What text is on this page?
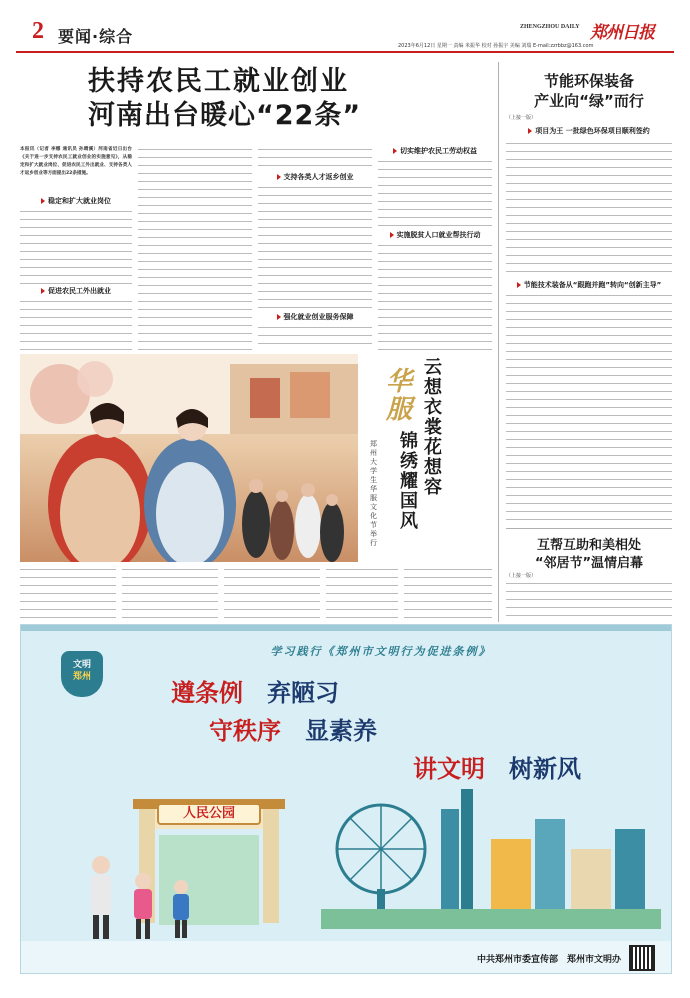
2 要闻·综合	ZHENGZHOU DAILY 郑州日报
2023年6月12日 星期一 责编 米振华 校对 孙振宇 美编 刘瑞 E-mail:zzrbbz@163.com
扶持农民工就业创业
河南出台暖心“22条”
本报讯（记者 李娜 通讯员 孙晴溪）河南省近日出台《关于进一步支持农民工就业创业的实施意见》，从稳定和扩大就业岗位、促进农民工外出就业、支持各类人才返乡创业等方面提出22条措施。
稳定和扩大就业岗位
促进农民工外出就业
支持各类人才返乡创业
强化就业创业服务保障
切实维护农民工劳动权益
实施脱贫人口就业帮扶行动
节能环保装备
产业向“绿”而行
（上接一版）
项目为王 一批绿色环保项目顺利签约
节能技术装备从“跟跑并跑”转向“创新主导”
互帮互助和美相处
“邻居节”温情启幕
（上接一版）
云想衣裳花想容
华服
锦绣耀国风
郑州大学生华服文化节举行
文明
郑州
学习践行《郑州市文明行为促进条例》
遵条例 弃陋习
守秩序 显素养
讲文明 树新风
人民公园
中共郑州市委宣传部　郑州市文明办
